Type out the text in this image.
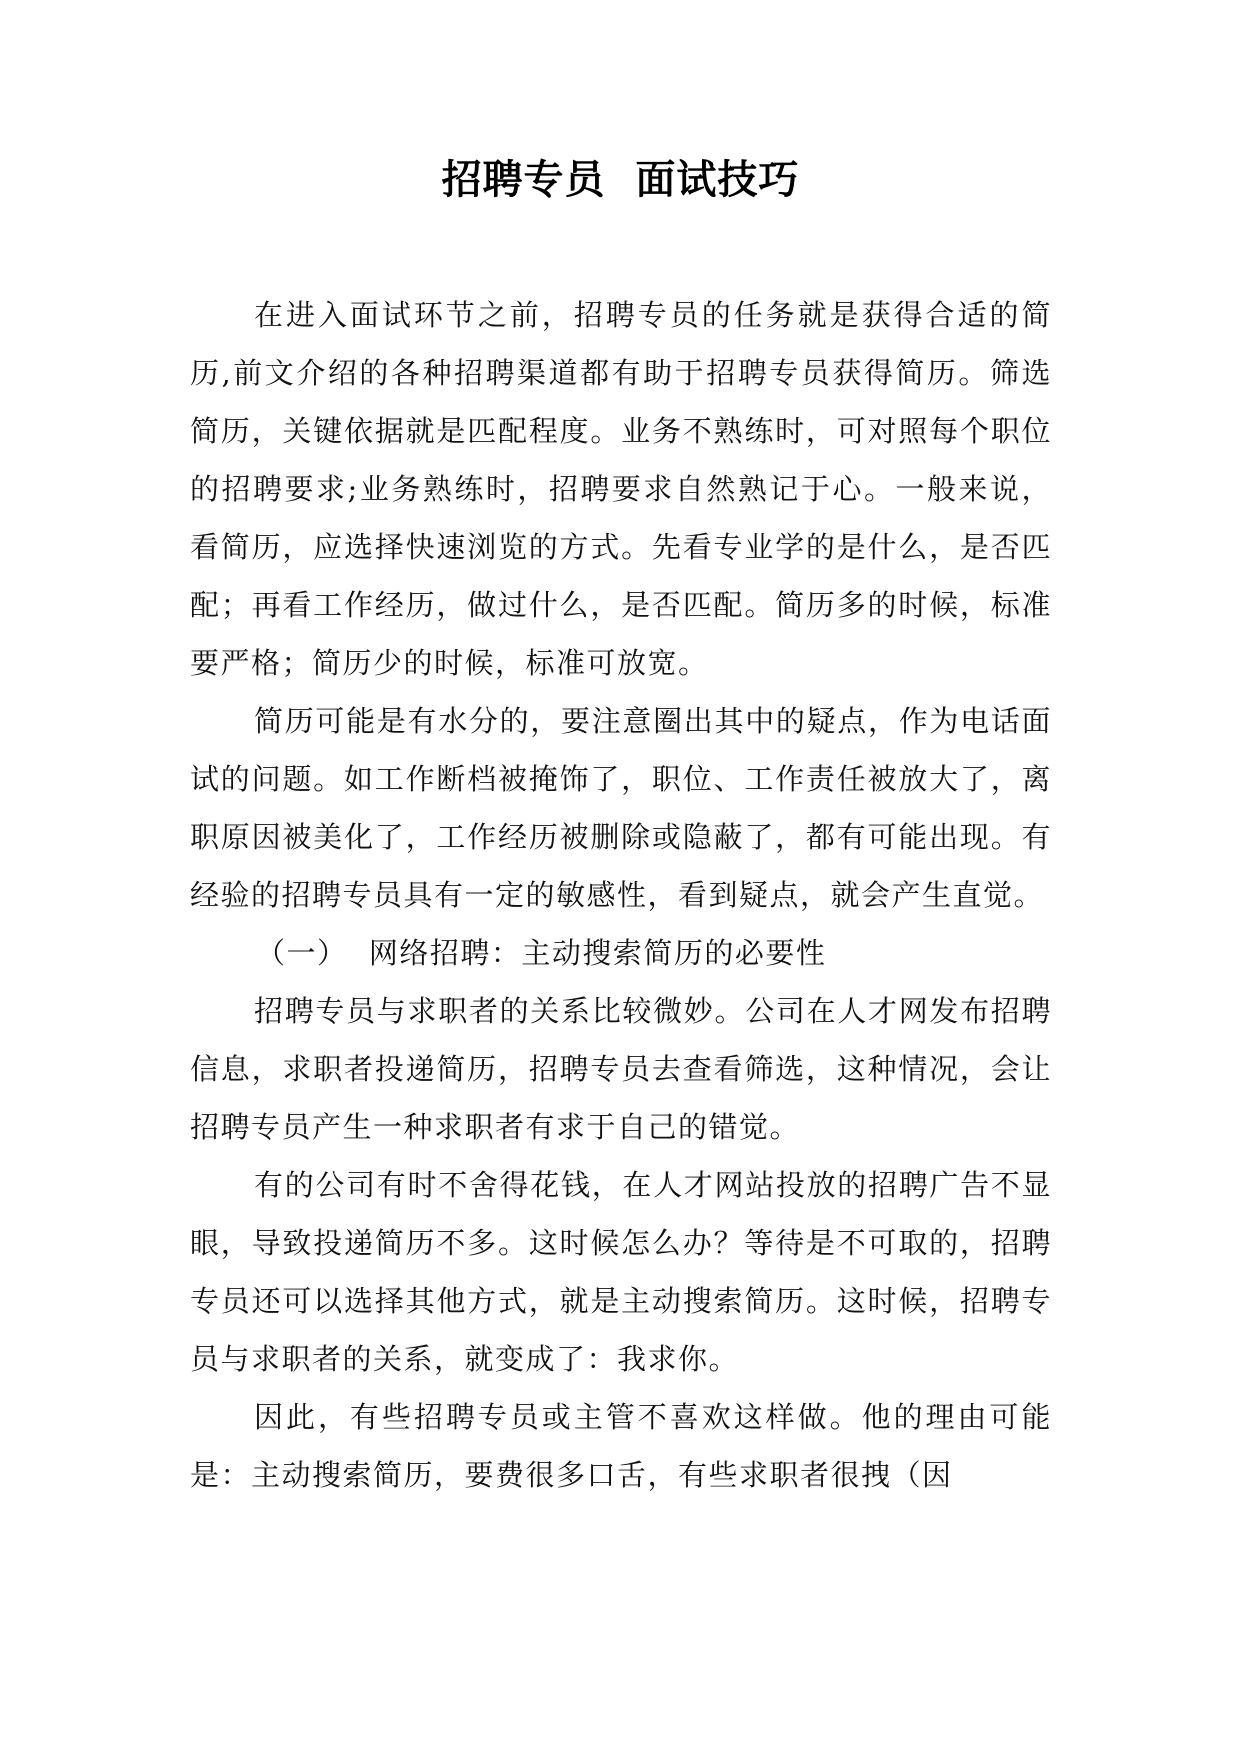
招聘专员  面试技巧

在进入面试环节之前，招聘专员的任务就是获得合适的简历,前文介绍的各种招聘渠道都有助于招聘专员获得简历。筛选简历，关键依据就是匹配程度。业务不熟练时，可对照每个职位的招聘要求;业务熟练时，招聘要求自然熟记于心。一般来说，看简历，应选择快速浏览的方式。先看专业学的是什么，是否匹配；再看工作经历，做过什么，是否匹配。简历多的时候，标准要严格；简历少的时候，标准可放宽。

简历可能是有水分的，要注意圈出其中的疑点，作为电话面试的问题。如工作断档被掩饰了，职位、工作责任被放大了，离职原因被美化了，工作经历被删除或隐蔽了，都有可能出现。有经验的招聘专员具有一定的敏感性，看到疑点，就会产生直觉。

（一）  网络招聘：主动搜索简历的必要性

招聘专员与求职者的关系比较微妙。公司在人才网发布招聘信息，求职者投递简历，招聘专员去查看筛选，这种情况，会让招聘专员产生一种求职者有求于自己的错觉。

有的公司有时不舍得花钱，在人才网站投放的招聘广告不显眼，导致投递简历不多。这时候怎么办？等待是不可取的，招聘专员还可以选择其他方式，就是主动搜索简历。这时候，招聘专员与求职者的关系，就变成了：我求你。

因此，有些招聘专员或主管不喜欢这样做。他的理由可能是：主动搜索简历，要费很多口舌，有些求职者很拽（因
